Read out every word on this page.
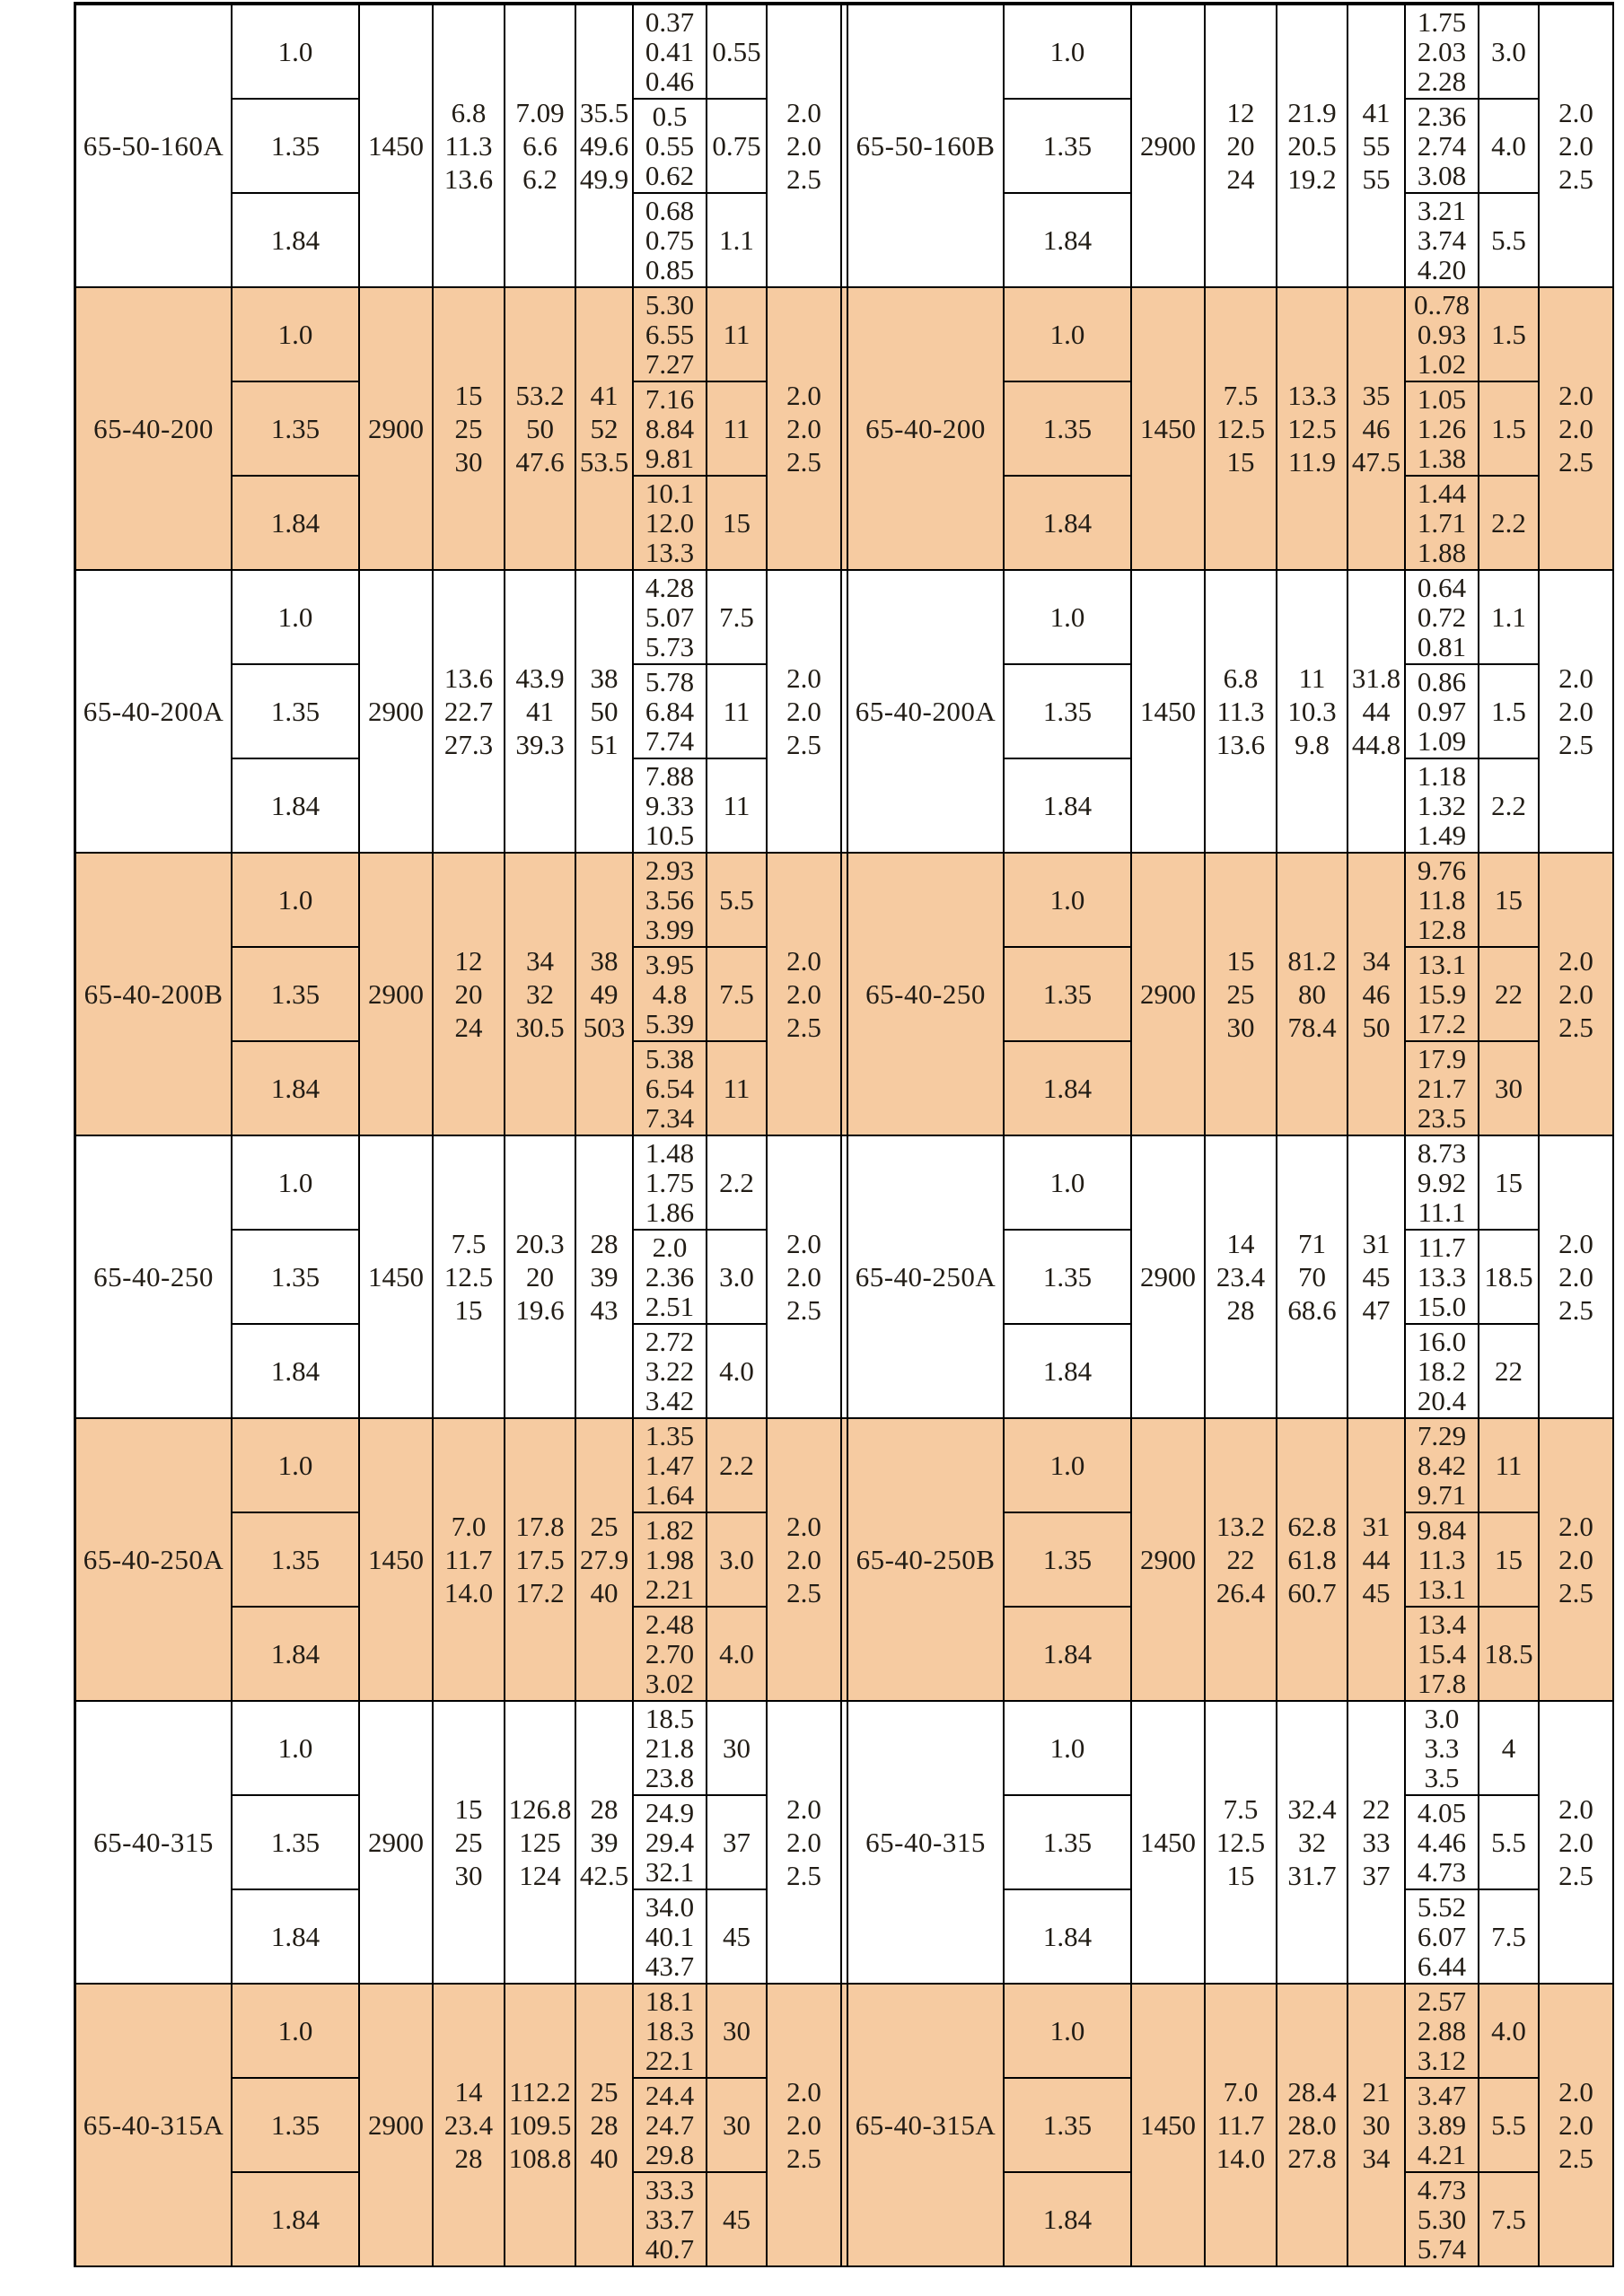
65-50-160A
1.0
1.35
1.84
1450
6.8
11.3
13.6
7.09
6.6
6.2
35.5
49.6
49.9
0.37
0.41
0.46
0.5
0.55
0.62
0.68
0.75
0.85
0.55
0.75
1.1
2.0
2.0
2.5
65-50-160B
1.0
1.35
1.84
2900
12
20
24
21.9
20.5
19.2
41
55
55
1.75
2.03
2.28
2.36
2.74
3.08
3.21
3.74
4.20
3.0
4.0
5.5
2.0
2.0
2.5
65-40-200
1.0
1.35
1.84
2900
15
25
30
53.2
50
47.6
41
52
53.5
5.30
6.55
7.27
7.16
8.84
9.81
10.1
12.0
13.3
11
11
15
2.0
2.0
2.5
65-40-200
1.0
1.35
1.84
1450
7.5
12.5
15
13.3
12.5
11.9
35
46
47.5
0..78
0.93
1.02
1.05
1.26
1.38
1.44
1.71
1.88
1.5
1.5
2.2
2.0
2.0
2.5
65-40-200A
1.0
1.35
1.84
2900
13.6
22.7
27.3
43.9
41
39.3
38
50
51
4.28
5.07
5.73
5.78
6.84
7.74
7.88
9.33
10.5
7.5
11
11
2.0
2.0
2.5
65-40-200A
1.0
1.35
1.84
1450
6.8
11.3
13.6
11
10.3
9.8
31.8
44
44.8
0.64
0.72
0.81
0.86
0.97
1.09
1.18
1.32
1.49
1.1
1.5
2.2
2.0
2.0
2.5
65-40-200B
1.0
1.35
1.84
2900
12
20
24
34
32
30.5
38
49
503
2.93
3.56
3.99
3.95
4.8
5.39
5.38
6.54
7.34
5.5
7.5
11
2.0
2.0
2.5
65-40-250
1.0
1.35
1.84
2900
15
25
30
81.2
80
78.4
34
46
50
9.76
11.8
12.8
13.1
15.9
17.2
17.9
21.7
23.5
15
22
30
2.0
2.0
2.5
65-40-250
1.0
1.35
1.84
1450
7.5
12.5
15
20.3
20
19.6
28
39
43
1.48
1.75
1.86
2.0
2.36
2.51
2.72
3.22
3.42
2.2
3.0
4.0
2.0
2.0
2.5
65-40-250A
1.0
1.35
1.84
2900
14
23.4
28
71
70
68.6
31
45
47
8.73
9.92
11.1
11.7
13.3
15.0
16.0
18.2
20.4
15
18.5
22
2.0
2.0
2.5
65-40-250A
1.0
1.35
1.84
1450
7.0
11.7
14.0
17.8
17.5
17.2
25
27.9
40
1.35
1.47
1.64
1.82
1.98
2.21
2.48
2.70
3.02
2.2
3.0
4.0
2.0
2.0
2.5
65-40-250B
1.0
1.35
1.84
2900
13.2
22
26.4
62.8
61.8
60.7
31
44
45
7.29
8.42
9.71
9.84
11.3
13.1
13.4
15.4
17.8
11
15
18.5
2.0
2.0
2.5
65-40-315
1.0
1.35
1.84
2900
15
25
30
126.8
125
124
28
39
42.5
18.5
21.8
23.8
24.9
29.4
32.1
34.0
40.1
43.7
30
37
45
2.0
2.0
2.5
65-40-315
1.0
1.35
1.84
1450
7.5
12.5
15
32.4
32
31.7
22
33
37
3.0
3.3
3.5
4.05
4.46
4.73
5.52
6.07
6.44
4
5.5
7.5
2.0
2.0
2.5
65-40-315A
1.0
1.35
1.84
2900
14
23.4
28
112.2
109.5
108.8
25
28
40
18.1
18.3
22.1
24.4
24.7
29.8
33.3
33.7
40.7
30
30
45
2.0
2.0
2.5
65-40-315A
1.0
1.35
1.84
1450
7.0
11.7
14.0
28.4
28.0
27.8
21
30
34
2.57
2.88
3.12
3.47
3.89
4.21
4.73
5.30
5.74
4.0
5.5
7.5
2.0
2.0
2.5
